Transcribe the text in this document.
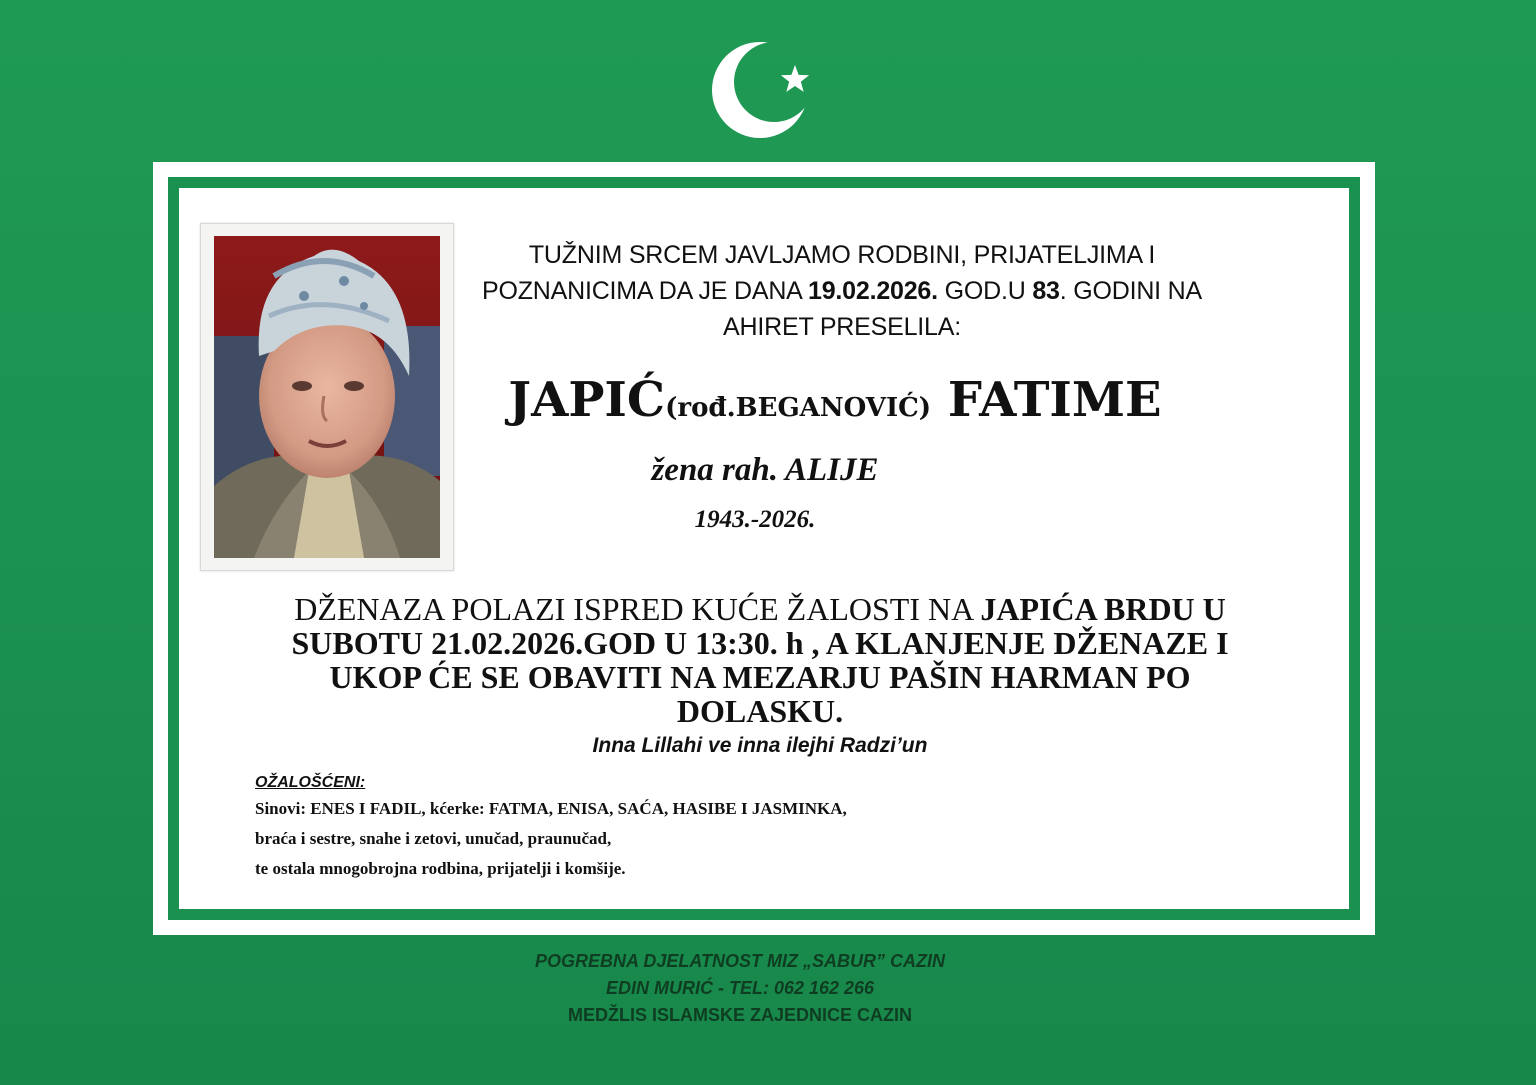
TUŽNIM SRCEM JAVLJAMO RODBINI, PRIJATELJIMA I
POZNANICIMA DA JE DANA 19.02.2026. GOD.U 83. GODINI NA
AHIRET PRESELILA:
JAPIĆ(rođ.BEGANOVIĆ) FATIME
žena rah. ALIJE
1943.-2026.
DŽENAZA POLAZI ISPRED KUĆE ŽALOSTI NA JAPIĆA BRDU U
SUBOTU 21.02.2026.GOD U 13:30. h , A KLANJENJE DŽENAZE I
UKOP ĆE SE OBAVITI NA MEZARJU PAŠIN HARMAN PO
DOLASKU.
Inna Lillahi ve inna ilejhi Radzi’un
OŽALOŠĆENI:
Sinovi: ENES I FADIL, kćerke: FATMA, ENISA, SAĆA, HASIBE I JASMINKA,
braća i sestre, snahe i zetovi, unučad, praunučad,
te ostala mnogobrojna rodbina, prijatelji i komšije.
POGREBNA DJELATNOST MIZ „SABUR” CAZIN
EDIN MURIĆ - TEL: 062 162 266
MEDŽLIS ISLAMSKE ZAJEDNICE CAZIN
